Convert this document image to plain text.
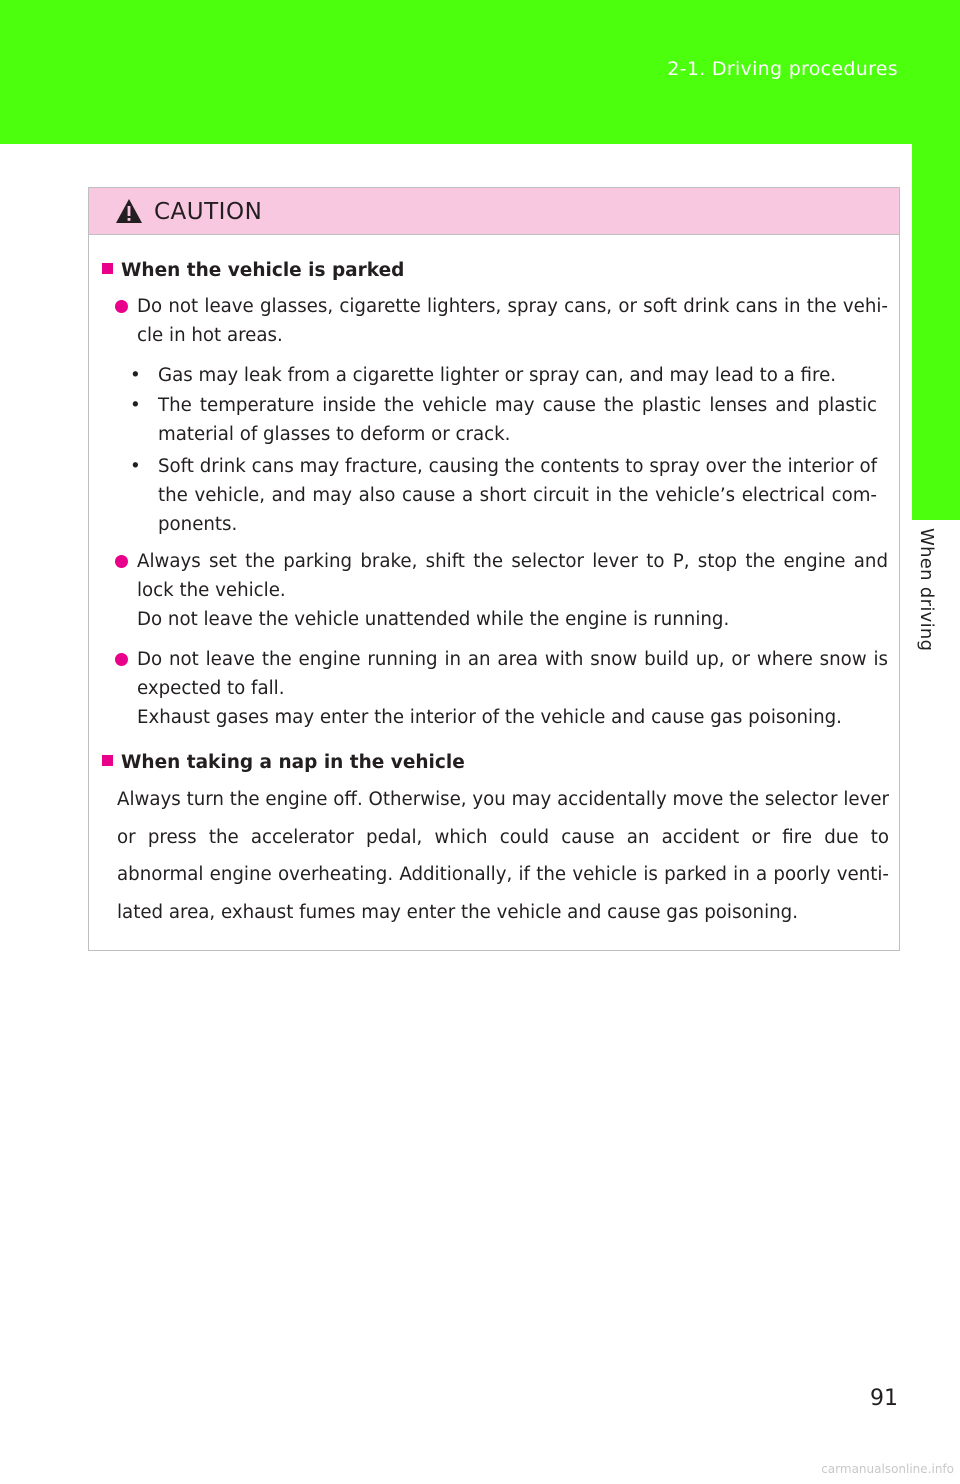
2-1. Driving procedures
2
When driving
CAUTION
When the vehicle is parked

Do not leave glasses, cigarette lighters, spray cans, or soft drink cans in the vehi-cle in hot areas.

• Gas may leak from a cigarette lighter or spray can, and may lead to a fire.

• The temperature inside the vehicle may cause the plastic lenses and plastic material of glasses to deform or crack.

• Soft drink cans may fracture, causing the contents to spray over the interior of the vehicle, and may also cause a short circuit in the vehicle’s electrical com-ponents.

Always set the parking brake, shift the selector lever to P, stop the engine and lock the vehicle.

Do not leave the vehicle unattended while the engine is running.

Do not leave the engine running in an area with snow build up, or where snow is expected to fall.

Exhaust gases may enter the interior of the vehicle and cause gas poisoning.

When taking a nap in the vehicle

Always turn the engine off. Otherwise, you may accidentally move the selector lever or press the accelerator pedal, which could cause an accident or fire due to abnormal engine overheating. Additionally, if the vehicle is parked in a poorly venti-lated area, exhaust fumes may enter the vehicle and cause gas poisoning.

91
carmanualsonline.info
